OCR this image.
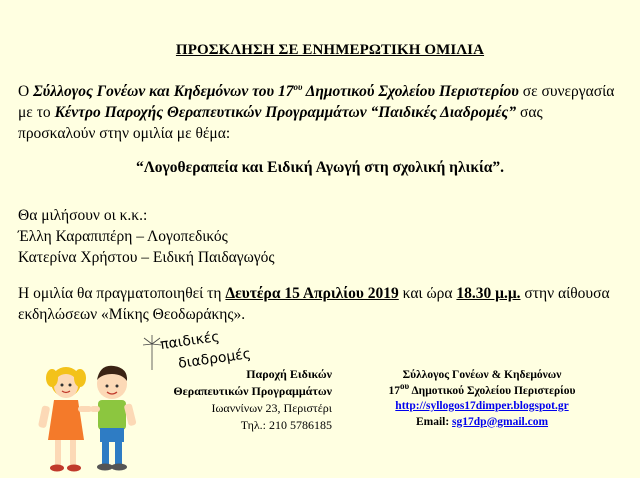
ΠΡΟΣΚΛΗΣΗ ΣΕ ΕΝΗΜΕΡΩΤΙΚΗ ΟΜΙΛΙΑ
Ο Σύλλογος Γονέων και Κηδεμόνων του $17^{o\upsilon}$ Δημοτικού Σχολείου Περιστερίου σε συνεργασία με το Κέντρο Παροχής Θεραπευτικών Προγραμμάτων “Παιδικές Διαδρομές” σας προσκαλούν στην ομιλία με θέμα:
“Λογοθεραπεία και Ειδική Αγωγή στη σχολική ηλικία”.
Θα μιλήσουν οι κ.κ.:
Έλλη Καραπιπέρη – Λογοπεδικός
Κατερίνα Χρήστου – Ειδική Παιδαγωγός
Η ομιλία θα πραγματοποιηθεί τη Δευτέρα 15 Απριλίου 2019 και ώρα 18.30 μ.μ. στην αίθουσα εκδηλώσεων «Μίκης Θεοδωράκης».
παιδικές
διαδρομές
Παροχή Ειδικών
Θεραπευτικών Προγραμμάτων
Ιωαννίνων 23, Περιστέρι
Τηλ.: 210 5786185
Σύλλογος Γονέων & Κηδεμόνων
$17^{o\upsilon}$ Δημοτικού Σχολείου Περιστερίου
http://syllogos17dimper.blogspot.gr
Email: sg17dp@gmail.com
